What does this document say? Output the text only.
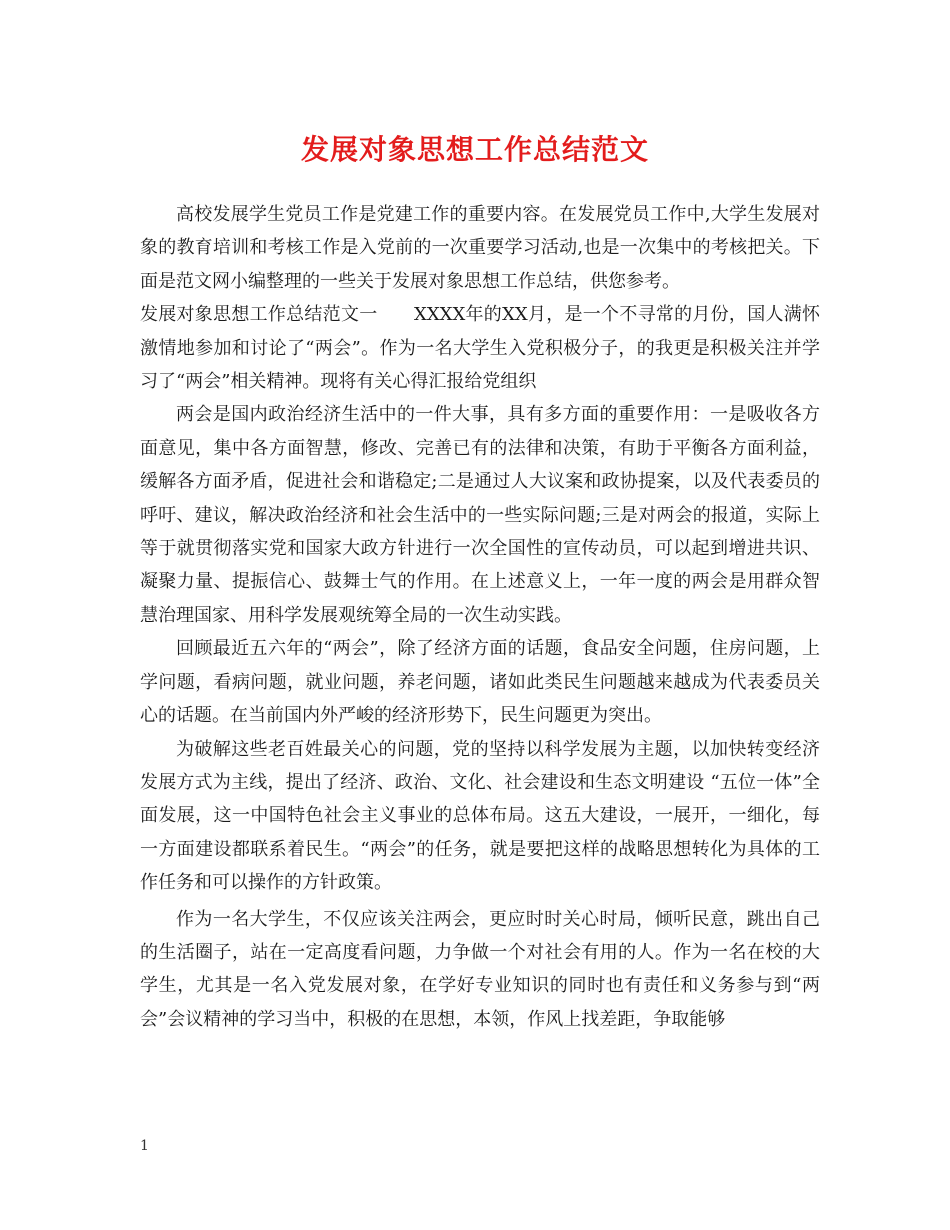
发展对象思想工作总结范文

高校发展学生党员工作是党建工作的重要内容。在发展党员工作中,大学生发展对象的教育培训和考核工作是入党前的一次重要学习活动,也是一次集中的考核把关。下面是范文网小编整理的一些关于发展对象思想工作总结，供您参考。

发展对象思想工作总结范文一　　XXXX年的XX月，是一个不寻常的月份，国人满怀激情地参加和讨论了“两会”。作为一名大学生入党积极分子，的我更是积极关注并学习了“两会”相关精神。现将有关心得汇报给党组织

两会是国内政治经济生活中的一件大事，具有多方面的重要作用：一是吸收各方面意见，集中各方面智慧，修改、完善已有的法律和决策，有助于平衡各方面利益，缓解各方面矛盾，促进社会和谐稳定;二是通过人大议案和政协提案，以及代表委员的呼吁、建议，解决政治经济和社会生活中的一些实际问题;三是对两会的报道，实际上等于就贯彻落实党和国家大政方针进行一次全国性的宣传动员，可以起到增进共识、凝聚力量、提振信心、鼓舞士气的作用。在上述意义上，一年一度的两会是用群众智慧治理国家、用科学发展观统筹全局的一次生动实践。

回顾最近五六年的“两会”，除了经济方面的话题，食品安全问题，住房问题，上学问题，看病问题，就业问题，养老问题，诸如此类民生问题越来越成为代表委员关心的话题。在当前国内外严峻的经济形势下，民生问题更为突出。

为破解这些老百姓最关心的问题，党的坚持以科学发展为主题，以加快转变经济发展方式为主线，提出了经济、政治、文化、社会建设和生态文明建设 “五位一体”全面发展，这一中国特色社会主义事业的总体布局。这五大建设，一展开，一细化，每一方面建设都联系着民生。“两会”的任务，就是要把这样的战略思想转化为具体的工作任务和可以操作的方针政策。

作为一名大学生，不仅应该关注两会，更应时时关心时局，倾听民意，跳出自己的生活圈子，站在一定高度看问题，力争做一个对社会有用的人。作为一名在校的大学生，尤其是一名入党发展对象，在学好专业知识的同时也有责任和义务参与到“两会”会议精神的学习当中，积极的在思想，本领，作风上找差距，争取能够

1
